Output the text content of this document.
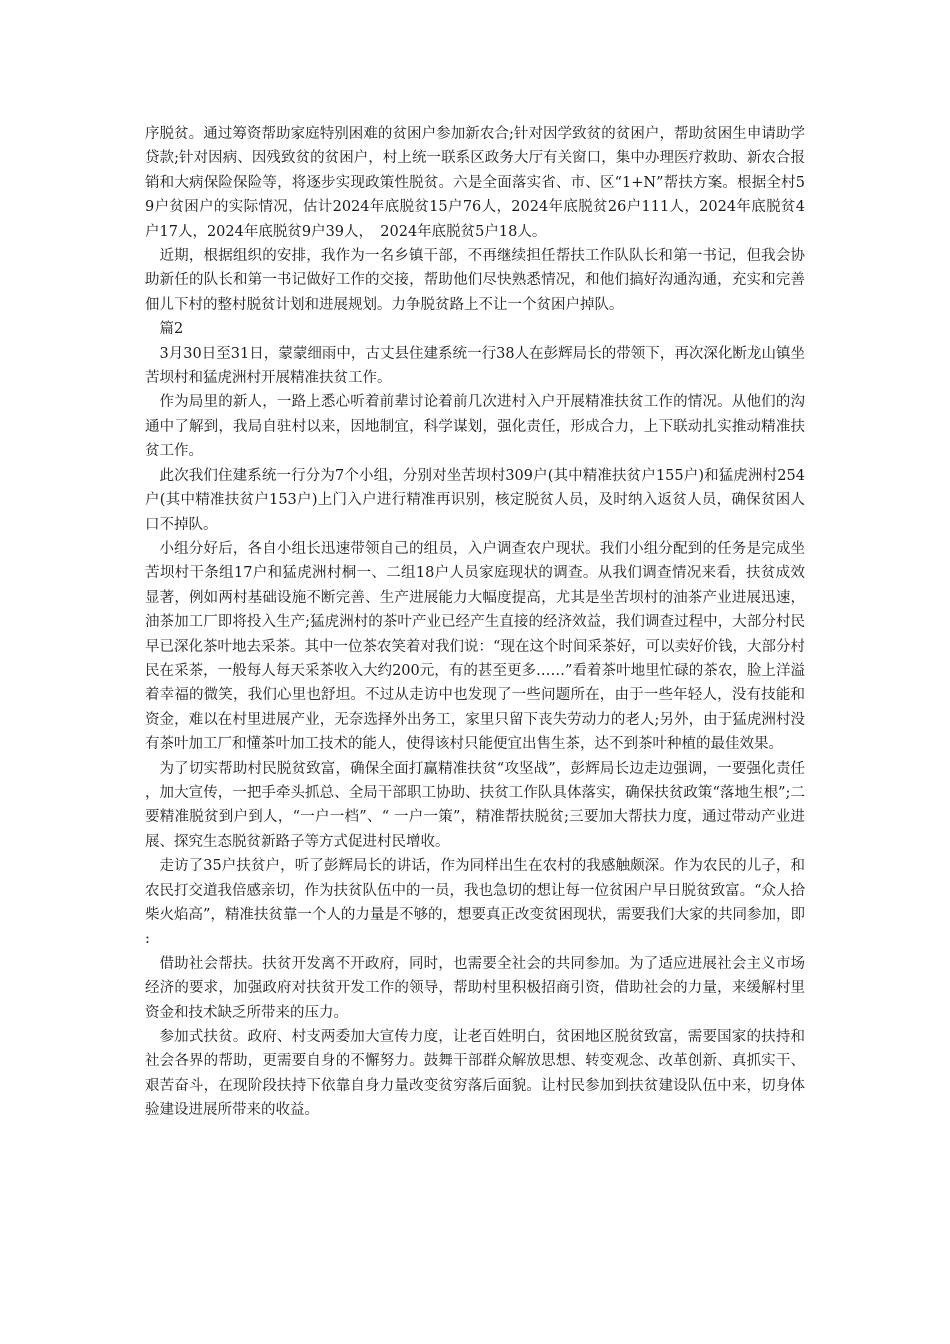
序脱贫。通过筹资帮助家庭特别困难的贫困户参加新农合;针对因学致贫的贫困户，帮助贫困生申请助学贷款;针对因病、因残致贫的贫困户，村上统一联系区政务大厅有关窗口，集中办理医疗救助、新农合报销和大病保险保险等，将逐步实现政策性脱贫。六是全面落实省、市、区“1+N”帮扶方案。根据全村59户贫困户的实际情况，估计2024年底脱贫15户76人，2024年底脱贫26户111人，2024年底脱贫4户17人，2024年底脱贫9户39人，　2024年底脱贫5户18人。

近期，根据组织的安排，我作为一名乡镇干部，不再继续担任帮扶工作队队长和第一书记，但我会协助新任的队长和第一书记做好工作的交接，帮助他们尽快熟悉情况，和他们搞好沟通沟通，充实和完善佃儿下村的整村脱贫计划和进展规划。力争脱贫路上不让一个贫困户掉队。

篇2

3月30日至31日，蒙蒙细雨中，古丈县住建系统一行38人在彭辉局长的带领下，再次深化断龙山镇坐苦坝村和猛虎洲村开展精准扶贫工作。

作为局里的新人，一路上悉心听着前辈讨论着前几次进村入户开展精准扶贫工作的情况。从他们的沟通中了解到，我局自驻村以来，因地制宜，科学谋划，强化责任，形成合力，上下联动扎实推动精准扶贫工作。

此次我们住建系统一行分为7个小组，分别对坐苦坝村309户(其中精准扶贫户155户)和猛虎洲村254户(其中精准扶贫户153户)上门入户进行精准再识别，核定脱贫人员，及时纳入返贫人员，确保贫困人口不掉队。

小组分好后，各自小组长迅速带领自己的组员，入户调查农户现状。我们小组分配到的任务是完成坐苦坝村干条组17户和猛虎洲村桐一、二组18户人员家庭现状的调查。从我们调查情况来看，扶贫成效显著，例如两村基础设施不断完善、生产进展能力大幅度提高，尤其是坐苦坝村的油茶产业进展迅速，油茶加工厂即将投入生产;猛虎洲村的茶叶产业已经产生直接的经济效益，我们调查过程中，大部分村民早已深化茶叶地去采茶。其中一位茶农笑着对我们说：“现在这个时间采茶好，可以卖好价钱，大部分村民在采茶，一般每人每天采茶收入大约200元，有的甚至更多……”看着茶叶地里忙碌的茶农，脸上洋溢着幸福的微笑，我们心里也舒坦。不过从走访中也发现了一些问题所在，由于一些年轻人，没有技能和资金，难以在村里进展产业，无奈选择外出务工，家里只留下丧失劳动力的老人;另外，由于猛虎洲村没有茶叶加工厂和懂茶叶加工技术的能人，使得该村只能便宜出售生茶，达不到茶叶种植的最佳效果。

为了切实帮助村民脱贫致富，确保全面打赢精准扶贫“攻坚战”，彭辉局长边走边强调，一要强化责任，加大宣传，一把手牵头抓总、全局干部职工协助、扶贫工作队具体落实，确保扶贫政策“落地生根”;二要精准脱贫到户到人，“一户一档”、“ 一户一策”，精准帮扶脱贫;三要加大帮扶力度，通过带动产业进展、探究生态脱贫新路子等方式促进村民增收。

走访了35户扶贫户，听了彭辉局长的讲话，作为同样出生在农村的我感触颇深。作为农民的儿子，和农民打交道我倍感亲切，作为扶贫队伍中的一员，我也急切的想让每一位贫困户早日脱贫致富。“众人拾柴火焰高”，精准扶贫靠一个人的力量是不够的，想要真正改变贫困现状，需要我们大家的共同参加，即:

借助社会帮扶。扶贫开发离不开政府，同时，也需要全社会的共同参加。为了适应进展社会主义市场经济的要求，加强政府对扶贫开发工作的领导，帮助村里积极招商引资，借助社会的力量，来缓解村里资金和技术缺乏所带来的压力。

参加式扶贫。政府、村支两委加大宣传力度，让老百姓明白，贫困地区脱贫致富，需要国家的扶持和社会各界的帮助，更需要自身的不懈努力。鼓舞干部群众解放思想、转变观念、改革创新、真抓实干、艰苦奋斗，在现阶段扶持下依靠自身力量改变贫穷落后面貌。让村民参加到扶贫建设队伍中来，切身体验建设进展所带来的收益。
